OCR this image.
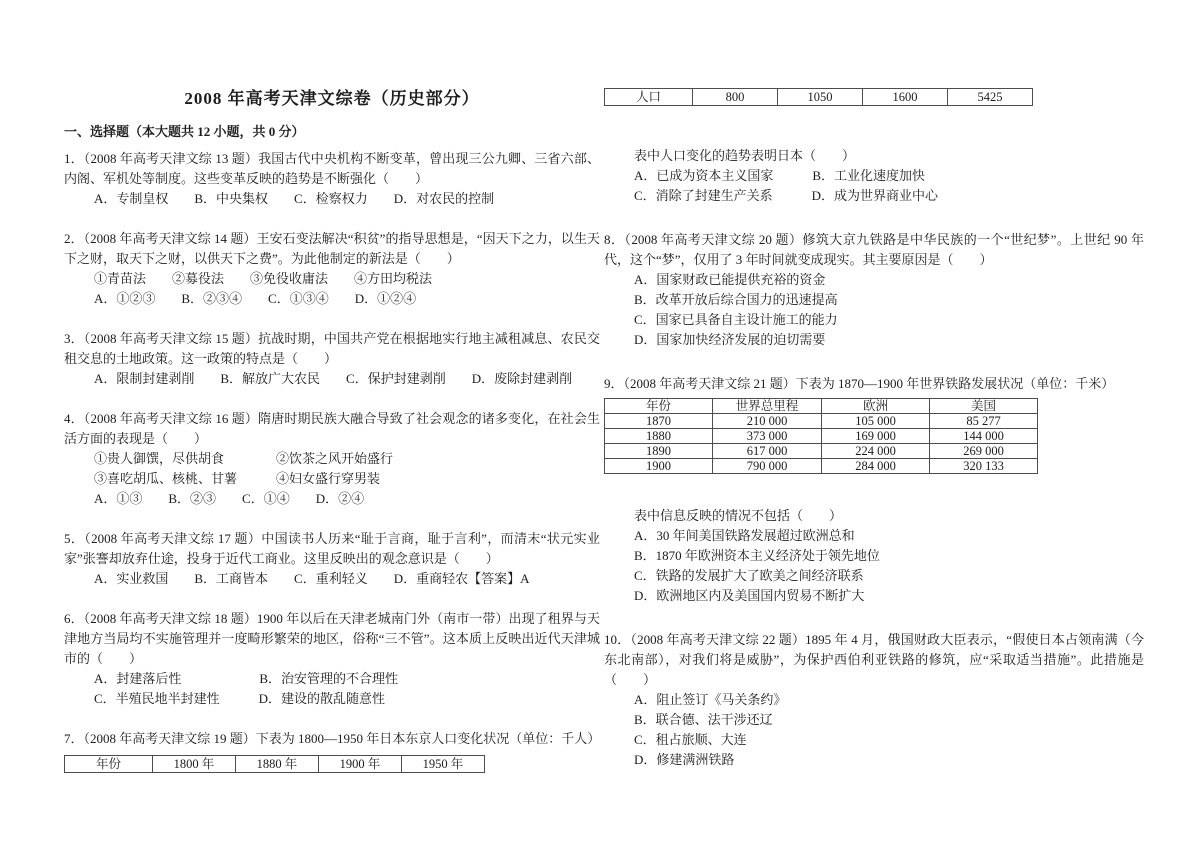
2008 年高考天津文综卷（历史部分）

一、选择题（本大题共 12 小题，共 0 分）

1．（2008 年高考天津文综 13 题）我国古代中央机构不断变革，曾出现三公九卿、三省六部、内阁、军机处等制度。这些变革反映的趋势是不断强化（　　）

A．专制皇权　　B．中央集权　　C．检察权力　　D．对农民的控制

2．（2008 年高考天津文综 14 题）王安石变法解决“积贫”的指导思想是，“因天下之力，以生天下之财，取天下之财，以供天下之费”。为此他制定的新法是（　　）

①青苗法　　②募役法　　③免役收庸法　　④方田均税法

A．①②③　　B．②③④　　C．①③④　　D．①②④

3．（2008 年高考天津文综 15 题）抗战时期，中国共产党在根据地实行地主减租减息、农民交租交息的土地政策。这一政策的特点是（　　）

A．限制封建剥削　　B．解放广大农民　　C．保护封建剥削　　D．废除封建剥削

4．（2008 年高考天津文综 16 题）隋唐时期民族大融合导致了社会观念的诸多变化，在社会生活方面的表现是（　　）

①贵人御馔，尽供胡食　　　　②饮茶之风开始盛行

③喜吃胡瓜、核桃、甘薯　　　④妇女盛行穿男装

A．①③　　B．②③　　C．①④　　D．②④

5．（2008 年高考天津文综 17 题）中国读书人历来“耻于言商，耻于言利”，而清末“状元实业家”张謇却放弃仕途，投身于近代工商业。这里反映出的观念意识是（　　）

A．实业救国　　B．工商皆本　　C．重利轻义　　D．重商轻农【答案】A

6．（2008 年高考天津文综 18 题）1900 年以后在天津老城南门外（南市一带）出现了租界与天津地方当局均不实施管理并一度畸形繁荣的地区，俗称“三不管”。这本质上反映出近代天津城市的（　　）

A．封建落后性　　　　　　B．治安管理的不合理性

C．半殖民地半封建性　　　D．建设的散乱随意性

7．（2008 年高考天津文综 19 题）下表为 1800—1950 年日本东京人口变化状况（单位：千人）

年份	1800 年	1880 年	1900 年	1950 年
人口	800	1050	1600	5425

表中人口变化的趋势表明日本（　　）

A．已成为资本主义国家　　　B．工业化速度加快

C．消除了封建生产关系　　　D．成为世界商业中心

8．（2008 年高考天津文综 20 题）修筑大京九铁路是中华民族的一个“世纪梦”。上世纪 90 年代，这个“梦”，仅用了 3 年时间就变成现实。其主要原因是（　　）

A．国家财政已能提供充裕的资金

B．改革开放后综合国力的迅速提高

C．国家已具备自主设计施工的能力

D．国家加快经济发展的迫切需要

9．（2008 年高考天津文综 21 题）下表为 1870—1900 年世界铁路发展状况（单位：千米）

年份	世界总里程	欧洲	美国
1870	210 000	105 000	85 277
1880	373 000	169 000	144 000
1890	617 000	224 000	269 000
1900	790 000	284 000	320 133

表中信息反映的情况不包括（　　）

A．30 年间美国铁路发展超过欧洲总和

B．1870 年欧洲资本主义经济处于领先地位

C．铁路的发展扩大了欧美之间经济联系

D．欧洲地区内及美国国内贸易不断扩大

10．（2008 年高考天津文综 22 题）1895 年 4 月，俄国财政大臣表示，“假使日本占领南满（今东北南部），对我们将是威胁”，为保护西伯利亚铁路的修筑，应“采取适当措施”。此措施是（　　）

A．阻止签订《马关条约》

B．联合德、法干涉还辽

C．租占旅顺、大连

D．修建满洲铁路
